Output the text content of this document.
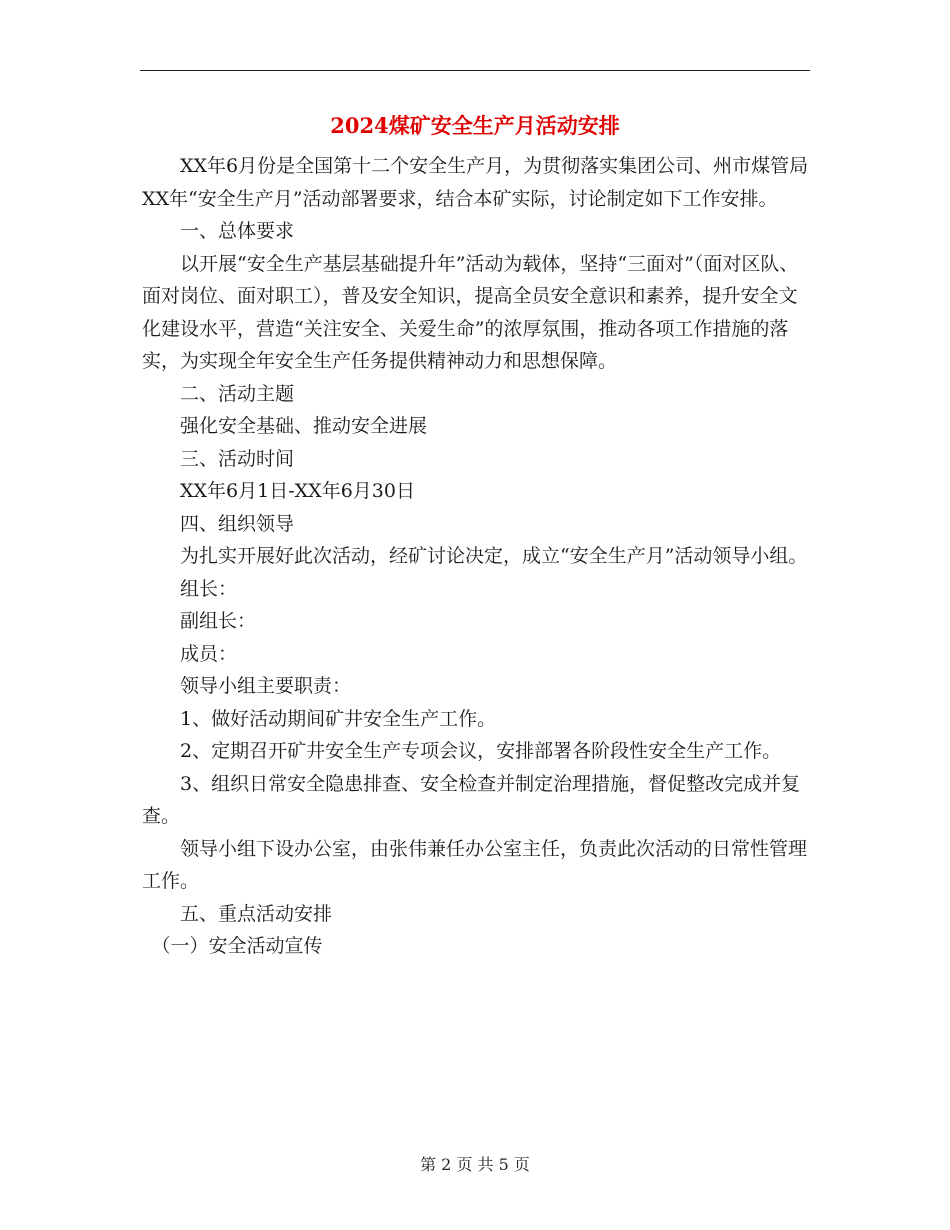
2024煤矿安全生产月活动安排

XX年6月份是全国第十二个安全生产月，为贯彻落实集团公司、州市煤管局XX年“安全生产月”活动部署要求，结合本矿实际，讨论制定如下工作安排。

一、总体要求

以开展“安全生产基层基础提升年”活动为载体，坚持“三面对”（面对区队、面对岗位、面对职工），普及安全知识，提高全员安全意识和素养，提升安全文化建设水平，营造“关注安全、关爱生命”的浓厚氛围，推动各项工作措施的落实，为实现全年安全生产任务提供精神动力和思想保障。

二、活动主题

强化安全基础、推动安全进展

三、活动时间

XX年6月1日-XX年6月30日

四、组织领导

为扎实开展好此次活动，经矿讨论决定，成立“安全生产月”活动领导小组。

组长：

副组长：

成员：

领导小组主要职责：

1、做好活动期间矿井安全生产工作。

2、定期召开矿井安全生产专项会议，安排部署各阶段性安全生产工作。

3、组织日常安全隐患排查、安全检查并制定治理措施，督促整改完成并复查。

领导小组下设办公室，由张伟兼任办公室主任，负责此次活动的日常性管理工作。

五、重点活动安排

（一）安全活动宣传

第 2 页 共 5 页
